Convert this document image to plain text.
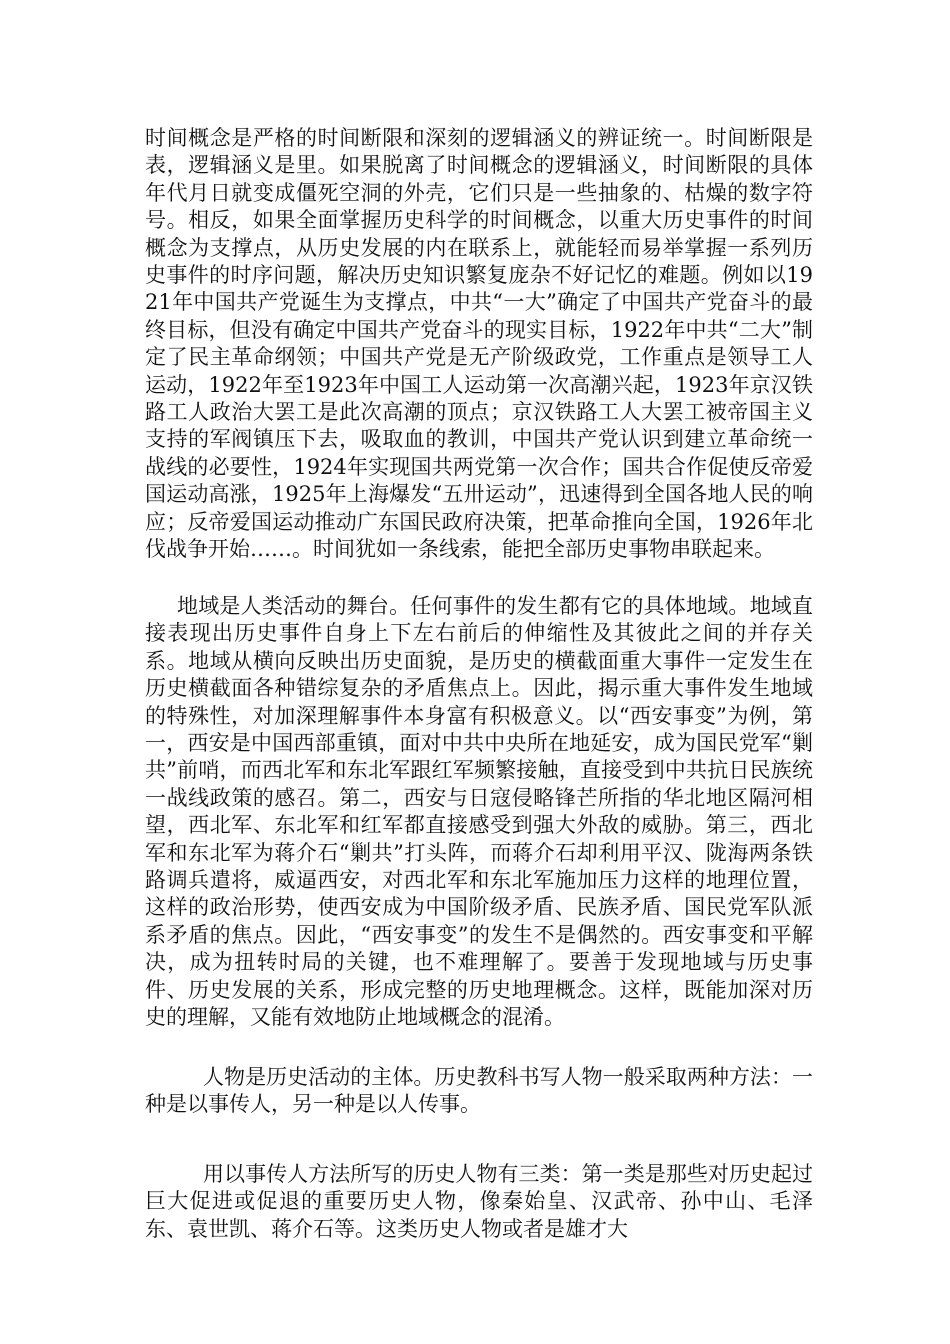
时间概念是严格的时间断限和深刻的逻辑涵义的辨证统一。时间断限是表，逻辑涵义是里。如果脱离了时间概念的逻辑涵义，时间断限的具体年代月日就变成僵死空洞的外壳，它们只是一些抽象的、枯燥的数字符号。相反，如果全面掌握历史科学的时间概念，以重大历史事件的时间概念为支撑点，从历史发展的内在联系上，就能轻而易举掌握一系列历史事件的时序问题，解决历史知识繁复庞杂不好记忆的难题。例如以1921年中国共产党诞生为支撑点，中共“一大”确定了中国共产党奋斗的最终目标，但没有确定中国共产党奋斗的现实目标，1922年中共“二大”制定了民主革命纲领；中国共产党是无产阶级政党，工作重点是领导工人运动，1922年至1923年中国工人运动第一次高潮兴起，1923年京汉铁路工人政治大罢工是此次高潮的顶点；京汉铁路工人大罢工被帝国主义支持的军阀镇压下去，吸取血的教训，中国共产党认识到建立革命统一战线的必要性，1924年实现国共两党第一次合作；国共合作促使反帝爱国运动高涨，1925年上海爆发“五卅运动”，迅速得到全国各地人民的响应；反帝爱国运动推动广东国民政府决策，把革命推向全国，1926年北伐战争开始……。时间犹如一条线索，能把全部历史事物串联起来。

地域是人类活动的舞台。任何事件的发生都有它的具体地域。地域直接表现出历史事件自身上下左右前后的伸缩性及其彼此之间的并存关系。地域从横向反映出历史面貌，是历史的横截面重大事件一定发生在历史横截面各种错综复杂的矛盾焦点上。因此，揭示重大事件发生地域的特殊性，对加深理解事件本身富有积极意义。以“西安事变”为例，第一，西安是中国西部重镇，面对中共中央所在地延安，成为国民党军“剿共”前哨，而西北军和东北军跟红军频繁接触，直接受到中共抗日民族统一战线政策的感召。第二，西安与日寇侵略锋芒所指的华北地区隔河相望，西北军、东北军和红军都直接感受到强大外敌的威胁。第三，西北军和东北军为蒋介石“剿共”打头阵，而蒋介石却利用平汉、陇海两条铁路调兵遣将，威逼西安，对西北军和东北军施加压力这样的地理位置，这样的政治形势，使西安成为中国阶级矛盾、民族矛盾、国民党军队派系矛盾的焦点。因此，“西安事变”的发生不是偶然的。西安事变和平解决，成为扭转时局的关键，也不难理解了。要善于发现地域与历史事件、历史发展的关系，形成完整的历史地理概念。这样，既能加深对历史的理解，又能有效地防止地域概念的混淆。

人物是历史活动的主体。历史教科书写人物一般采取两种方法：一种是以事传人，另一种是以人传事。

用以事传人方法所写的历史人物有三类：第一类是那些对历史起过巨大促进或促退的重要历史人物，像秦始皇、汉武帝、孙中山、毛泽东、袁世凯、蒋介石等。这类历史人物或者是雄才大
